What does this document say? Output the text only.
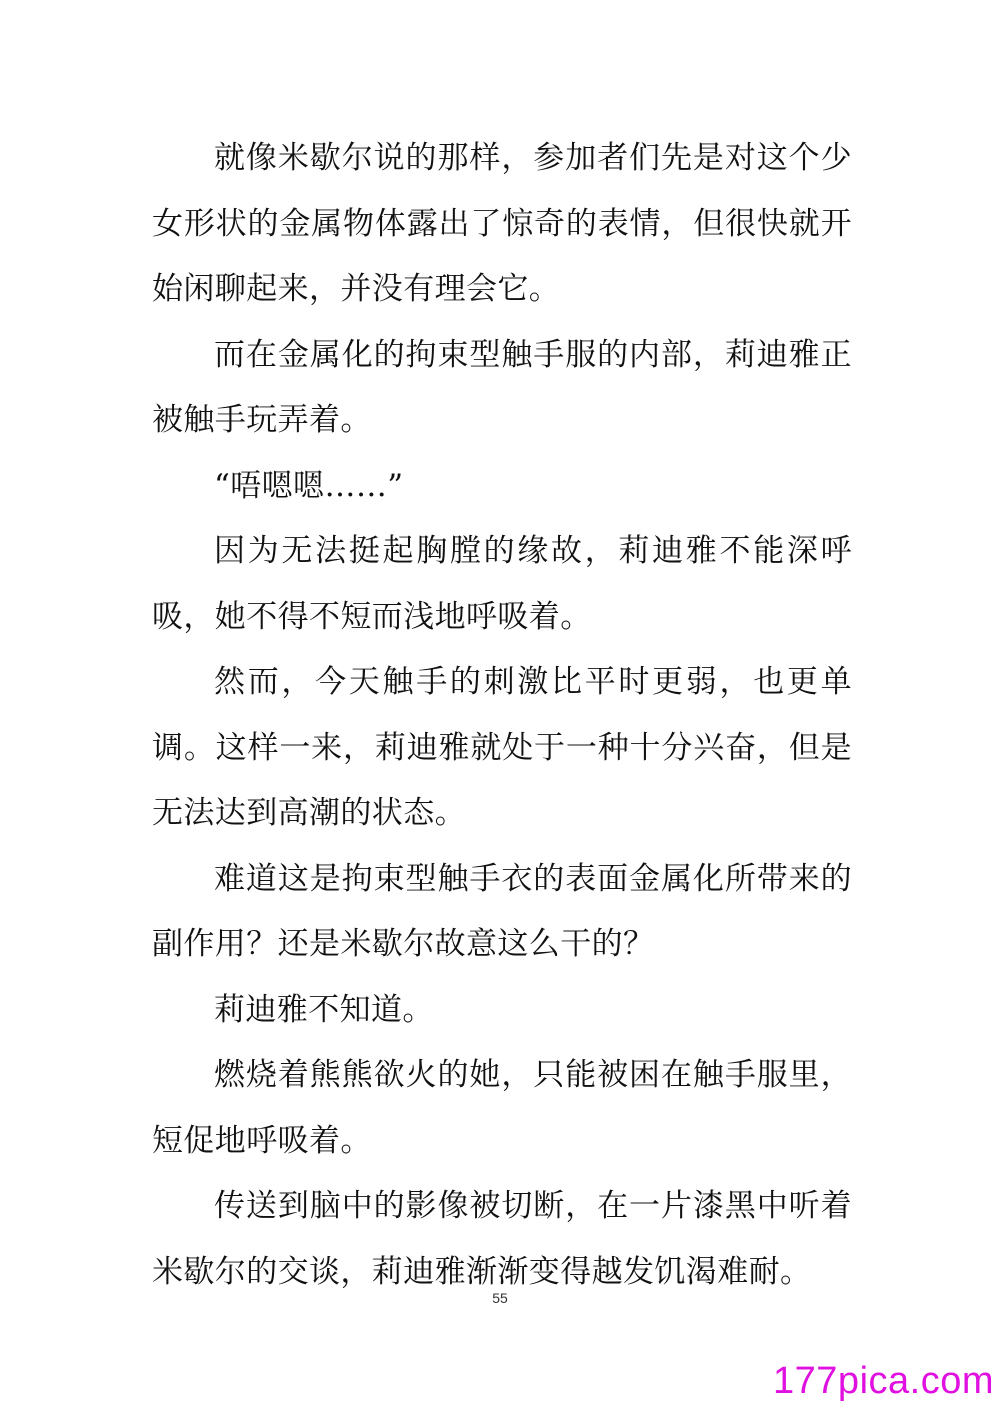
就像米歇尔说的那样，参加者们先是对这个少女形状的金属物体露出了惊奇的表情，但很快就开始闲聊起来，并没有理会它。

而在金属化的拘束型触手服的内部，莉迪雅正被触手玩弄着。

“唔嗯嗯……”

因为无法挺起胸膛的缘故，莉迪雅不能深呼吸，她不得不短而浅地呼吸着。

然而，今天触手的刺激比平时更弱，也更单调。这样一来，莉迪雅就处于一种十分兴奋，但是无法达到高潮的状态。

难道这是拘束型触手衣的表面金属化所带来的副作用？还是米歇尔故意这么干的？

莉迪雅不知道。

燃烧着熊熊欲火的她，只能被困在触手服里，短促地呼吸着。

传送到脑中的影像被切断，在一片漆黑中听着米歇尔的交谈，莉迪雅渐渐变得越发饥渴难耐。

55
177pica.com
